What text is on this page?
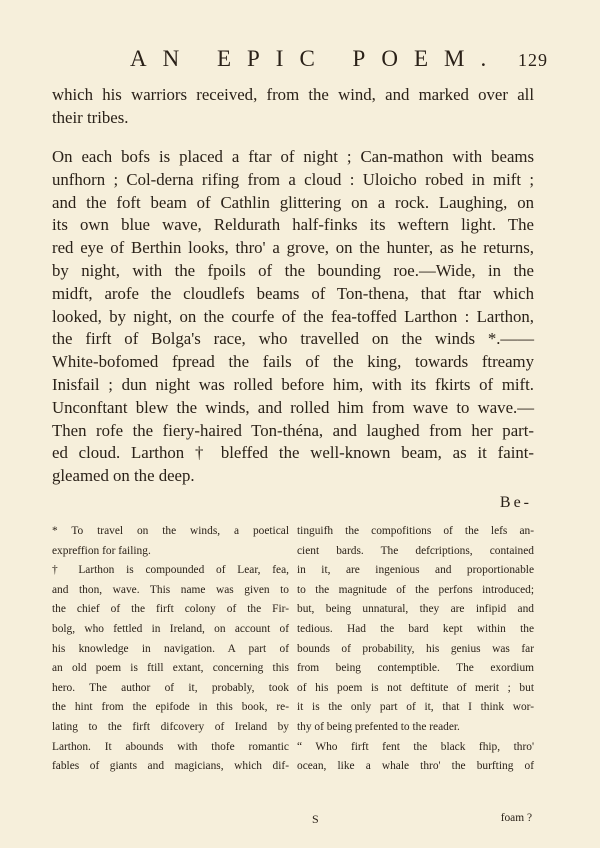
AN EPIC POEM. 129
which his warriors received, from the wind, and marked over all
their tribes.
On each bofs is placed a ftar of night ; Can-mathon with beams
unfhorn ; Col-derna rifing from a cloud : Uloicho robed in mift ;
and the foft beam of Cathlin glittering on a rock. Laughing, on
its own blue wave, Reldurath half-finks its weftern light. The
red eye of Berthin looks, thro' a grove, on the hunter, as he returns,
by night, with the fpoils of the bounding roe.—Wide, in the
midft, arofe the cloudlefs beams of Ton-thena, that ftar which
looked, by night, on the courfe of the fea-toffed Larthon : Larthon,
the firft of Bolga's race, who travelled on the winds *.——
White-bofomed fpread the fails of the king, towards ftreamy
Inisfail ; dun night was rolled before him, with its fkirts of mift.
Unconftant blew the winds, and rolled him from wave to wave.—
Then rofe the fiery-haired Ton-théna, and laughed from her part-
ed cloud. Larthon † bleffed the well-known beam, as it faint-
gleamed on the deep.
Be-
* To travel on the winds, a poetical
expreffion for failing.
† Larthon is compounded of Lear, fea,
and thon, wave. This name was given to
the chief of the firft colony of the Fir-
bolg, who fettled in Ireland, on account of
his knowledge in navigation. A part of
an old poem is ftill extant, concerning this
hero. The author of it, probably, took
the hint from the epifode in this book, re-
lating to the firft difcovery of Ireland by
Larthon. It abounds with thofe romantic
fables of giants and magicians, which dif-
tinguifh the compofitions of the lefs an-
cient bards. The defcriptions, contained
in it, are ingenious and proportionable
to the magnitude of the perfons introduced;
but, being unnatural, they are infipid and
tedious. Had the bard kept within the
bounds of probability, his genius was far
from being contemptible. The exordium
of his poem is not deftitute of merit ; but
it is the only part of it, that I think wor-
thy of being prefented to the reader.
“ Who firft fent the black fhip, thro'
ocean, like a whale thro' the burfting of
S	foam ?
